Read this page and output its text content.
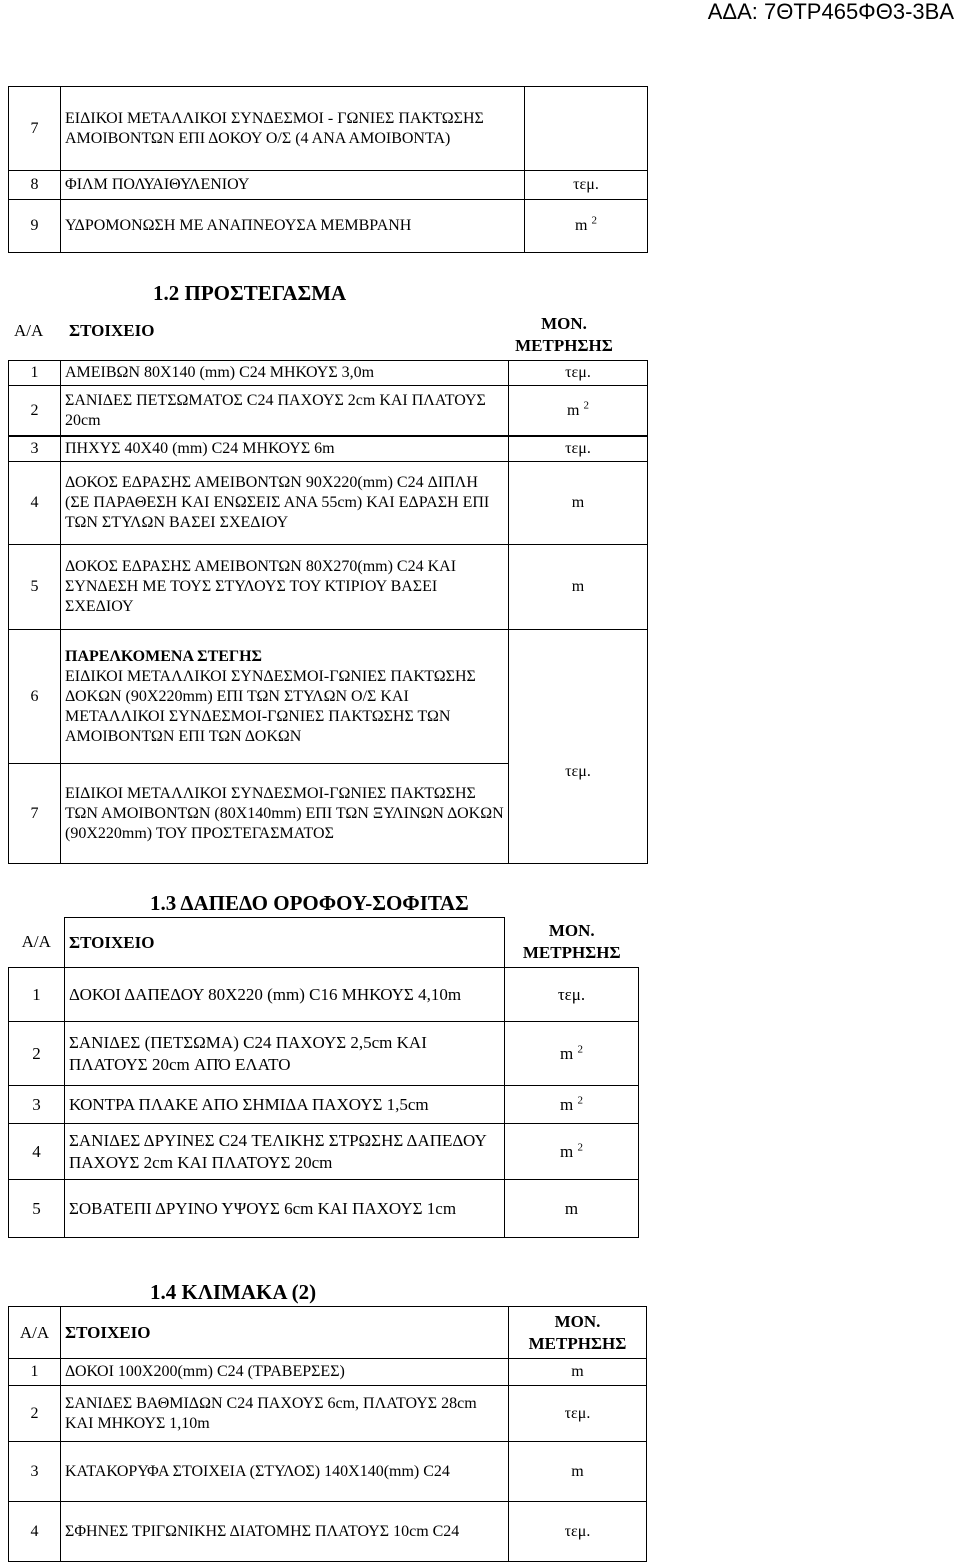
ΑΔΑ: 7ΘΤΡ465ΦΘ3-3ΒΑ
7	ΕΙΔΙΚΟΙ ΜΕΤΑΛΛΙΚΟΙ ΣΥΝΔΕΣΜΟΙ - ΓΩΝΙΕΣ ΠΑΚΤΩΣΗΣ ΑΜΟΙΒΟΝΤΩΝ ΕΠΙ ΔΟΚΟΥ Ο/Σ (4 ΑΝΑ ΑΜΟΙΒΟΝΤΑ)	
8	ΦΙΛΜ ΠΟΛΥΑΙΘΥΛΕΝΙΟΥ	τεμ.
9	ΥΔΡΟΜΟΝΩΣΗ ΜΕ ΑΝΑΠΝΕΟΥΣΑ ΜΕΜΒΡΑΝΗ	m $^2$
1.2 ΠΡΟΣΤΕΓΑΣΜΑ
Α/Α ΣΤΟΙΧΕΙΟ	ΜΟΝ.
ΜΕΤΡΗΣΗΣ
1	ΑΜΕΙΒΩΝ 80Χ140 (mm) C24 ΜΗΚΟΥΣ 3,0m	τεμ.
2	ΣΑΝΙΔΕΣ ΠΕΤΣΩΜΑΤΟΣ C24 ΠΑΧΟΥΣ 2cm ΚΑΙ ΠΛΑΤΟΥΣ 20cm	m $^2$

3	ΠΗΧΥΣ 40Χ40 (mm) C24 ΜΗΚΟΥΣ 6m	τεμ.
4	ΔΟΚΟΣ ΕΔΡΑΣΗΣ ΑΜΕΙΒΟΝΤΩΝ 90Χ220(mm) C24 ΔΙΠΛΗ (ΣΕ ΠΑΡΑΘΕΣΗ ΚΑΙ ΕΝΩΣΕΙΣ ΑΝΑ 55cm) ΚΑΙ ΕΔΡΑΣΗ ΕΠΙ ΤΩΝ ΣΤΥΛΩΝ ΒΑΣΕΙ ΣΧΕΔΙΟΥ	m
5	ΔΟΚΟΣ ΕΔΡΑΣΗΣ ΑΜΕΙΒΟΝΤΩΝ 80Χ270(mm) C24 ΚΑΙ ΣΥΝΔΕΣΗ ΜΕ ΤΟΥΣ ΣΤΥΛΟΥΣ ΤΟΥ ΚΤΙΡΙΟΥ ΒΑΣΕΙ ΣΧΕΔΙΟΥ	m
6	ΠΑΡΕΛΚΟΜΕΝΑ ΣΤΕΓΗΣ
ΕΙΔΙΚΟΙ ΜΕΤΑΛΛΙΚΟΙ ΣΥΝΔΕΣΜΟΙ-ΓΩΝΙΕΣ ΠΑΚΤΩΣΗΣ ΔΟΚΩΝ (90Χ220mm) ΕΠΙ ΤΩΝ ΣΤΥΛΩΝ Ο/Σ ΚΑΙ ΜΕΤΑΛΛΙΚΟΙ ΣΥΝΔΕΣΜΟΙ-ΓΩΝΙΕΣ ΠΑΚΤΩΣΗΣ ΤΩΝ ΑΜΟΙΒΟΝΤΩΝ ΕΠΙ ΤΩΝ ΔΟΚΩΝ	τεμ.
7	ΕΙΔΙΚΟΙ ΜΕΤΑΛΛΙΚΟΙ ΣΥΝΔΕΣΜΟΙ-ΓΩΝΙΕΣ ΠΑΚΤΩΣΗΣ ΤΩΝ ΑΜΟΙΒΟΝΤΩΝ (80Χ140mm) ΕΠΙ ΤΩΝ ΞΥΛΙΝΩΝ ΔΟΚΩΝ (90Χ220mm) ΤΟΥ ΠΡΟΣΤΕΓΑΣΜΑΤΟΣ	
1.3 ΔΑΠΕΔΟ ΟΡΟΦΟΥ-ΣΟΦΙΤΑΣ
Α/Α	ΣΤΟΙΧΕΙΟ	ΜΟΝ.
ΜΕΤΡΗΣΗΣ

1	ΔΟΚΟΙ ΔΑΠΕΔΟΥ 80Χ220 (mm) C16 ΜΗΚΟΥΣ 4,10m	τεμ.
2	ΣΑΝΙΔΕΣ (ΠΕΤΣΩΜΑ) C24 ΠΑΧΟΥΣ 2,5cm ΚΑΙ ΠΛΑΤΟΥΣ 20cm ΑΠΌ ΕΛΑΤΟ	m $^2$
3	ΚΟΝΤΡΑ ΠΛΑΚΕ ΑΠΟ ΣΗΜΙΔΑ ΠΑΧΟΥΣ 1,5cm	m $^2$
4	ΣΑΝΙΔΕΣ ΔΡΥΙΝΕΣ C24 ΤΕΛΙΚΗΣ ΣΤΡΩΣΗΣ ΔΑΠΕΔΟΥ ΠΑΧΟΥΣ 2cm ΚΑΙ ΠΛΑΤΟΥΣ 20cm	m $^2$
5	ΣΟΒΑΤΕΠΙ ΔΡΥΙΝΟ ΥΨΟΥΣ 6cm ΚΑΙ ΠΑΧΟΥΣ 1cm	m
1.4 ΚΛΙΜΑΚΑ (2)
Α/Α	ΣΤΟΙΧΕΙΟ	ΜΟΝ.
ΜΕΤΡΗΣΗΣ

1	ΔΟΚΟΙ 100Χ200(mm) C24 (ΤΡΑΒΕΡΣΕΣ)	m
2	ΣΑΝΙΔΕΣ ΒΑΘΜΙΔΩΝ C24 ΠΑΧΟΥΣ 6cm, ΠΛΑΤΟΥΣ 28cm ΚΑΙ ΜΗΚΟΥΣ 1,10m	τεμ.
3	ΚΑΤΑΚΟΡΥΦΑ ΣΤΟΙΧΕΙΑ (ΣΤΥΛΟΣ) 140Χ140(mm) C24	m
4	ΣΦΗΝΕΣ ΤΡΙΓΩΝΙΚΗΣ ΔΙΑΤΟΜΗΣ ΠΛΑΤΟΥΣ 10cm C24	τεμ.
